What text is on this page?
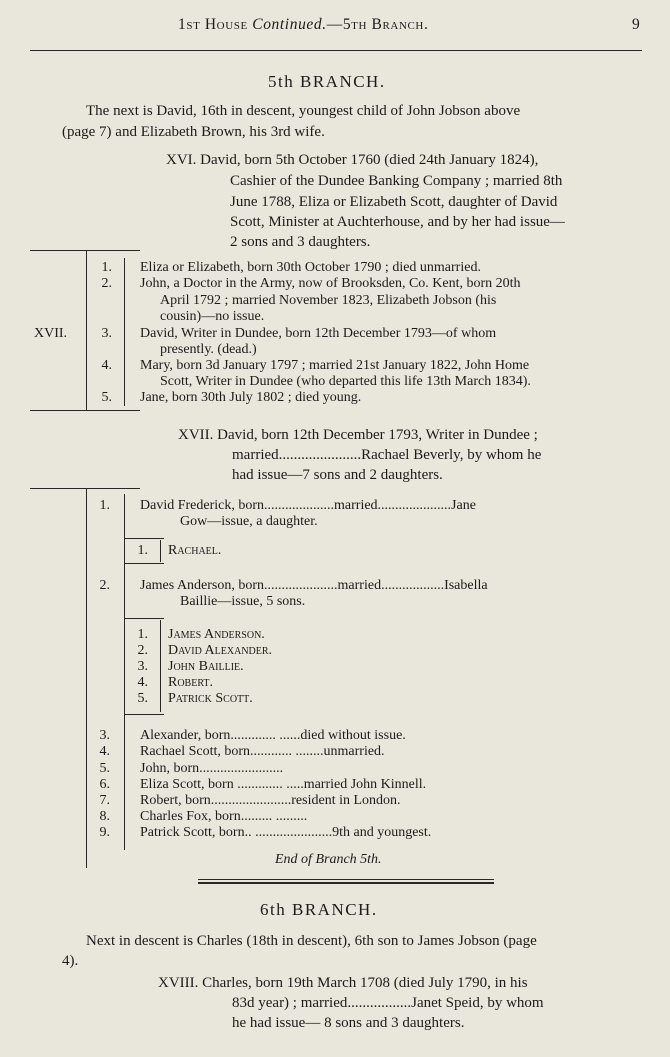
1st House Continued.—5th Branch.	9
5th BRANCH.
The next is David, 16th in descent, youngest child of John Jobson above
(page 7) and Elizabeth Brown, his 3rd wife.
XVI. David, born 5th October 1760 (died 24th January 1824),
Cashier of the Dundee Banking Company ; married 8th
June 1788, Eliza or Elizabeth Scott, daughter of David
Scott, Minister at Auchterhouse, and by her had issue—
2 sons and 3 daughters.
XVII.
1. Eliza or Elizabeth, born 30th October 1790 ; died unmarried.
2. John, a Doctor in the Army, now of Brooksden, Co. Kent, born 20th
April 1792 ; married November 1823, Elizabeth Jobson (his
cousin)—no issue.
3. David, Writer in Dundee, born 12th December 1793—of whom
presently. (dead.)
4. Mary, born 3d January 1797 ; married 21st January 1822, John Home
Scott, Writer in Dundee (who departed this life 13th March 1834).
5. Jane, born 30th July 1802 ; died young.
XVII. David, born 12th December 1793, Writer in Dundee ;
married......................Rachael Beverly, by whom he
had issue—7 sons and 2 daughters.
1. David Frederick, born....................married.....................Jane
Gow—issue, a daughter.
1. Rachael.
2. James Anderson, born.....................married..................Isabella
Baillie—issue, 5 sons.
1. James Anderson.
2. David Alexander.
3. John Baillie.
4. Robert.
5. Patrick Scott.
3. Alexander, born............. ......died without issue.
4. Rachael Scott, born............ ........unmarried.
5. John, born........................
6. Eliza Scott, born ............. .....married John Kinnell.
7. Robert, born.......................resident in London.
8. Charles Fox, born......... .........
9. Patrick Scott, born.. ......................9th and youngest.
End of Branch 5th.
6th BRANCH.
Next in descent is Charles (18th in descent), 6th son to James Jobson (page
4).
XVIII. Charles, born 19th March 1708 (died July 1790, in his
83d year) ; married.................Janet Speid, by whom
he had issue— 8 sons and 3 daughters.
